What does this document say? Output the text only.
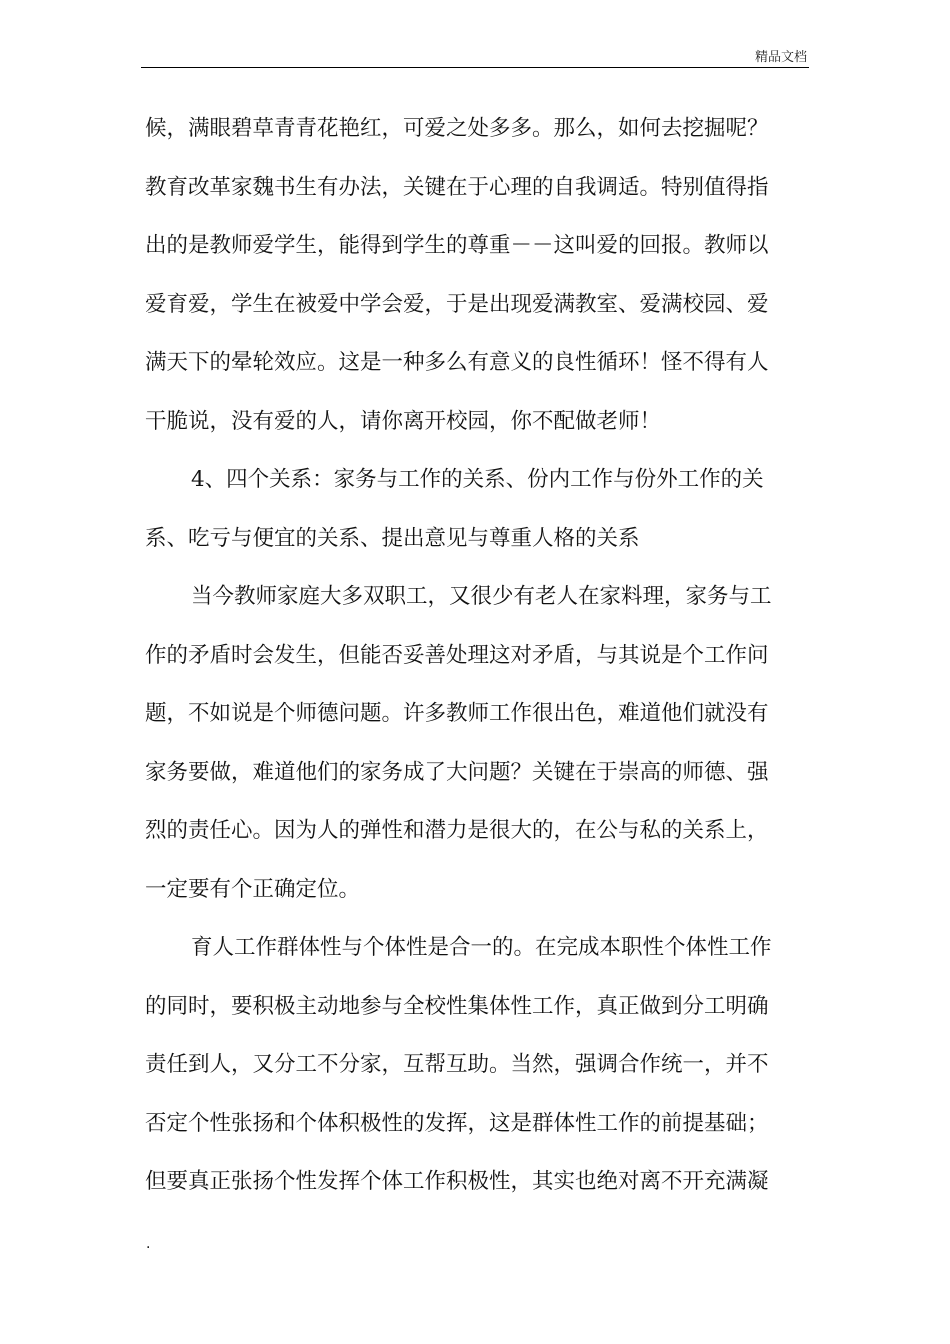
精品文档
候，满眼碧草青青花艳红，可爱之处多多。那么，如何去挖掘呢？
教育改革家魏书生有办法，关键在于心理的自我调适。特别值得指
出的是教师爱学生，能得到学生的尊重－－这叫爱的回报。教师以
爱育爱，学生在被爱中学会爱，于是出现爱满教室、爱满校园、爱
满天下的晕轮效应。这是一种多么有意义的良性循环！怪不得有人
干脆说，没有爱的人，请你离开校园，你不配做老师！
4、四个关系：家务与工作的关系、份内工作与份外工作的关
系、吃亏与便宜的关系、提出意见与尊重人格的关系
当今教师家庭大多双职工，又很少有老人在家料理，家务与工
作的矛盾时会发生，但能否妥善处理这对矛盾，与其说是个工作问
题，不如说是个师德问题。许多教师工作很出色，难道他们就没有
家务要做，难道他们的家务成了大问题？关键在于崇高的师德、强
烈的责任心。因为人的弹性和潜力是很大的，在公与私的关系上，
一定要有个正确定位。
育人工作群体性与个体性是合一的。在完成本职性个体性工作
的同时，要积极主动地参与全校性集体性工作，真正做到分工明确
责任到人，又分工不分家，互帮互助。当然，强调合作统一，并不
否定个性张扬和个体积极性的发挥，这是群体性工作的前提基础；
但要真正张扬个性发挥个体工作积极性，其实也绝对离不开充满凝
.
